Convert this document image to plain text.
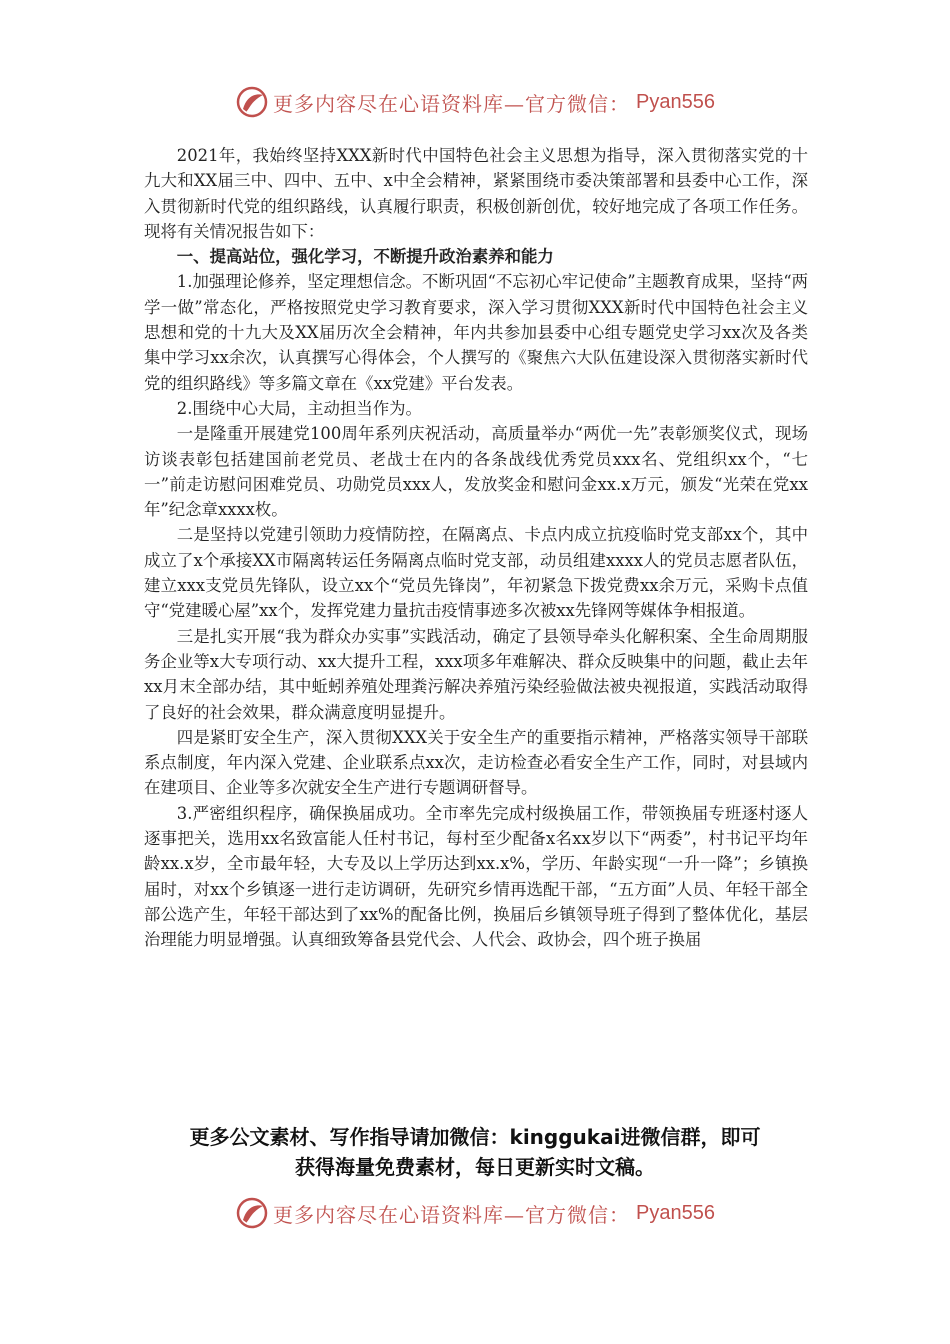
更多内容尽在心语资料库—官方微信： Pyan556

2021年，我始终坚持XXX新时代中国特色社会主义思想为指导，深入贯彻落实党的十九大和XX届三中、四中、五中、x中全会精神，紧紧围绕市委决策部署和县委中心工作，深入贯彻新时代党的组织路线，认真履行职责，积极创新创优，较好地完成了各项工作任务。现将有关情况报告如下：

一、提高站位，强化学习，不断提升政治素养和能力

1.加强理论修养，坚定理想信念。不断巩固“不忘初心牢记使命”主题教育成果，坚持“两学一做”常态化，严格按照党史学习教育要求，深入学习贯彻XXX新时代中国特色社会主义思想和党的十九大及XX届历次全会精神，年内共参加县委中心组专题党史学习xx次及各类集中学习xx余次，认真撰写心得体会，个人撰写的《聚焦六大队伍建设深入贯彻落实新时代党的组织路线》等多篇文章在《xx党建》平台发表。

2.围绕中心大局，主动担当作为。

一是隆重开展建党100周年系列庆祝活动，高质量举办“两优一先”表彰颁奖仪式，现场访谈表彰包括建国前老党员、老战士在内的各条战线优秀党员xxx名、党组织xx个，“七一”前走访慰问困难党员、功勋党员xxx人，发放奖金和慰问金xx.x万元，颁发“光荣在党xx年”纪念章xxxx枚。

二是坚持以党建引领助力疫情防控，在隔离点、卡点内成立抗疫临时党支部xx个，其中成立了x个承接XX市隔离转运任务隔离点临时党支部，动员组建xxxx人的党员志愿者队伍，建立xxx支党员先锋队，设立xx个“党员先锋岗”，年初紧急下拨党费xx余万元，采购卡点值守“党建暖心屋”xx个，发挥党建力量抗击疫情事迹多次被xx先锋网等媒体争相报道。

三是扎实开展“我为群众办实事”实践活动，确定了县领导牵头化解积案、全生命周期服务企业等x大专项行动、xx大提升工程，xxx项多年难解决、群众反映集中的问题，截止去年xx月末全部办结，其中蚯蚓养殖处理粪污解决养殖污染经验做法被央视报道，实践活动取得了良好的社会效果，群众满意度明显提升。

四是紧盯安全生产，深入贯彻XXX关于安全生产的重要指示精神，严格落实领导干部联系点制度，年内深入党建、企业联系点xx次，走访检查必看安全生产工作，同时，对县域内在建项目、企业等多次就安全生产进行专题调研督导。

3.严密组织程序，确保换届成功。全市率先完成村级换届工作，带领换届专班逐村逐人逐事把关，选用xx名致富能人任村书记，每村至少配备x名xx岁以下“两委”，村书记平均年龄xx.x岁，全市最年轻，大专及以上学历达到xx.x%，学历、年龄实现“一升一降”；乡镇换届时，对xx个乡镇逐一进行走访调研，先研究乡情再选配干部，“五方面”人员、年轻干部全部公选产生，年轻干部达到了xx%的配备比例，换届后乡镇领导班子得到了整体优化，基层治理能力明显增强。认真细致筹备县党代会、人代会、政协会，四个班子换届

更多公文素材、写作指导请加微信：kinggukai进微信群，即可
获得海量免费素材，每日更新实时文稿。
更多内容尽在心语资料库—官方微信： Pyan556
